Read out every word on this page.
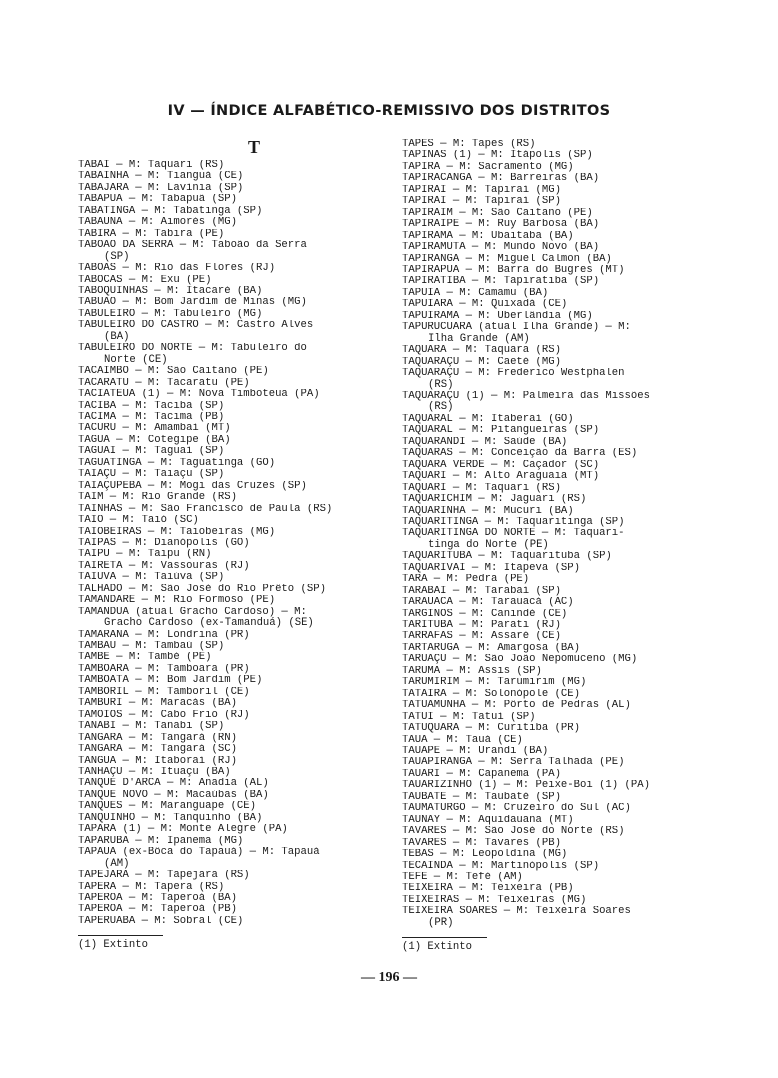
IV — ÍNDICE ALFABÉTICO-REMISSIVO DOS DISTRITOS
T
TABAÍ — M: Taquari (RS)
TABAINHA — M: Tianguá (CE)
TABAJARA — M: Lavínia (SP)
TABAPUÃ — M: Tabapuã (SP)
TABATINGA — M: Tabatinga (SP)
TABAÚNA — M: Aimorés (MG)
TABIRA — M: Tabira (PE)
TABOÃO DA SERRA — M: Taboão da Serra
(SP)
TABOAS — M: Rio das Flores (RJ)
TABOCAS — M: Exu (PE)
TABOQUINHAS — M: Itacaré (BA)
TABUÃO — M: Bom Jardim de Minas (MG)
TABULEIRO — M: Tabuleiro (MG)
TABULEIRO DO CASTRO — M: Castro Alves
(BA)
TABULEIRO DO NORTE — M: Tabuleiro do
Norte (CE)
TACAIMBÓ — M: São Caitano (PE)
TACARATU — M: Tacaratu (PE)
TACIATEUA (1) — M: Nova Timboteua (PA)
TACIBA — M: Taciba (SP)
TACIMA — M: Tacima (PB)
TACURU — M: Amambaí (MT)
TAGUÁ — M: Cotegipe (BA)
TAGUAÍ — M: Taguaí (SP)
TAGUATINGA — M: Taguatinga (GO)
TAIAÇU — M: Taiaçu (SP)
TAIAÇUPEBA — M: Mogi das Cruzes (SP)
TAIM — M: Rio Grande (RS)
TAINHAS — M: São Francisco de Paula (RS)
TAIÓ — M: Taió (SC)
TAIOBEIRAS — M: Taiobeiras (MG)
TAIPAS — M: Dianópolis (GO)
TAIPU — M: Taipu (RN)
TAIRETÁ — M: Vassouras (RJ)
TAIÚVA — M: Taiúva (SP)
TALHADO — M: São José do Rio Prêto (SP)
TAMANDARÉ — M: Rio Formoso (PE)
TAMANDUÁ (atual Gracho Cardoso) — M:
Gracho Cardoso (ex-Tamanduá) (SE)
TAMARANA — M: Londrina (PR)
TAMBAÚ — M: Tambaú (SP)
TAMBÉ — M: També (PE)
TAMBOARA — M: Tamboara (PR)
TAMBOATÁ — M: Bom Jardim (PE)
TAMBORIL — M: Tamboril (CE)
TAMBURI — M: Maracás (BA)
TAMOIOS — M: Cabo Frio (RJ)
TANABI — M: Tanabi (SP)
TANGARÁ — M: Tangará (RN)
TANGARÁ — M: Tangará (SC)
TANGUÁ — M: Itaboraí (RJ)
TANHAÇU — M: Ituaçu (BA)
TANQUE D'ARCA — M: Anadia (AL)
TANQUE NOVO — M: Macaúbas (BA)
TANQUES — M: Maranguape (CE)
TANQUINHO — M: Tanquinho (BA)
TAPARÁ (1) — M: Monte Alegre (PA)
TAPARUBA — M: Ipanema (MG)
TAPAUÁ (ex-Bôca do Tapauá) — M: Tapauá
(AM)
TAPEJARA — M: Tapejara (RS)
TAPERA — M: Tapera (RS)
TAPEROÁ — M: Taperoá (BA)
TAPEROÁ — M: Taperoá (PB)
TAPERUABA — M: Sobral (CE)
(1) Extinto
TAPES — M: Tapes (RS)
TAPINAS (1) — M: Itápolis (SP)
TAPIRA — M: Sacramento (MG)
TAPIRACANGA — M: Barreiras (BA)
TAPIRAÍ — M: Tapiraí (MG)
TAPIRAÍ — M: Tapiraí (SP)
TAPIRAIM — M: São Caitano (PE)
TAPIRAÍPE — M: Ruy Barbosa (BA)
TAPIRAMA — M: Ubaitaba (BA)
TAPIRAMUTÁ — M: Mundo Novo (BA)
TAPIRANGA — M: Miguel Calmon (BA)
TAPIRAPUÃ — M: Barra do Bugres (MT)
TAPIRATIBA — M: Tapiratiba (SP)
TAPUIA — M: Camamu (BA)
TAPUIARÁ — M: Quixadá (CE)
TAPUIRAMA — M: Uberlândia (MG)
TAPURUCUARA (atual Ilha Grande) — M:
Ilha Grande (AM)
TAQUARA — M: Taquara (RS)
TAQUARAÇU — M: Caeté (MG)
TAQUARAÇU — M: Frederico Westphalen
(RS)
TAQUARAÇU (1) — M: Palmeira das Missões
(RS)
TAQUARAL — M: Itaberaí (GO)
TAQUARAL — M: Pitangueiras (SP)
TAQUARANDI — M: Saúde (BA)
TAQUARAS — M: Conceição da Barra (ES)
TAQUARA VERDE — M: Caçador (SC)
TAQUARI — M: Alto Araguaia (MT)
TAQUARI — M: Taquari (RS)
TAQUARICHIM — M: Jaguari (RS)
TAQUARINHA — M: Mucuri (BA)
TAQUARITINGA — M: Taquaritinga (SP)
TAQUARITINGA DO NORTE — M: Taquari-
tinga do Norte (PE)
TAQUARITUBA — M: Taquarituba (SP)
TAQUARIVAÍ — M: Itapeva (SP)
TARÁ — M: Pedra (PE)
TARABAÍ — M: Tarabaí (SP)
TARAUACÁ — M: Tarauacá (AC)
TARGINOS — M: Canindé (CE)
TARITUBA — M: Parati (RJ)
TARRAFAS — M: Assaré (CE)
TARTARUGA — M: Amargosa (BA)
TARUAÇU — M: São João Nepomuceno (MG)
TARUMÃ — M: Assis (SP)
TARUMIRIM — M: Tarumirim (MG)
TATAÍRA — M: Solonópole (CE)
TATUAMUNHA — M: Pôrto de Pedras (AL)
TATUÍ — M: Tatuí (SP)
TATUQUARA — M: Curitiba (PR)
TAUÁ — M: Tauá (CE)
TAUAPE — M: Urandi (BA)
TAUAPIRANGA — M: Serra Talhada (PE)
TAUARI — M: Capanema (PA)
TAUARIZINHO (1) — M: Peixe-Boi (1) (PA)
TAUBATÉ — M: Taubaté (SP)
TAUMATURGO — M: Cruzeiro do Sul (AC)
TAUNAY — M: Aquidauana (MT)
TAVARES — M: São José do Norte (RS)
TAVARES — M: Tavares (PB)
TEBAS — M: Leopoldina (MG)
TECAINDÁ — M: Martinópolis (SP)
TEFÉ — M: Tefé (AM)
TEIXEIRA — M: Teixeira (PB)
TEIXEIRAS — M: Teixeiras (MG)
TEIXEIRA SOARES — M: Teixeira Soares
(PR)
(1) Extinto
— 196 —
